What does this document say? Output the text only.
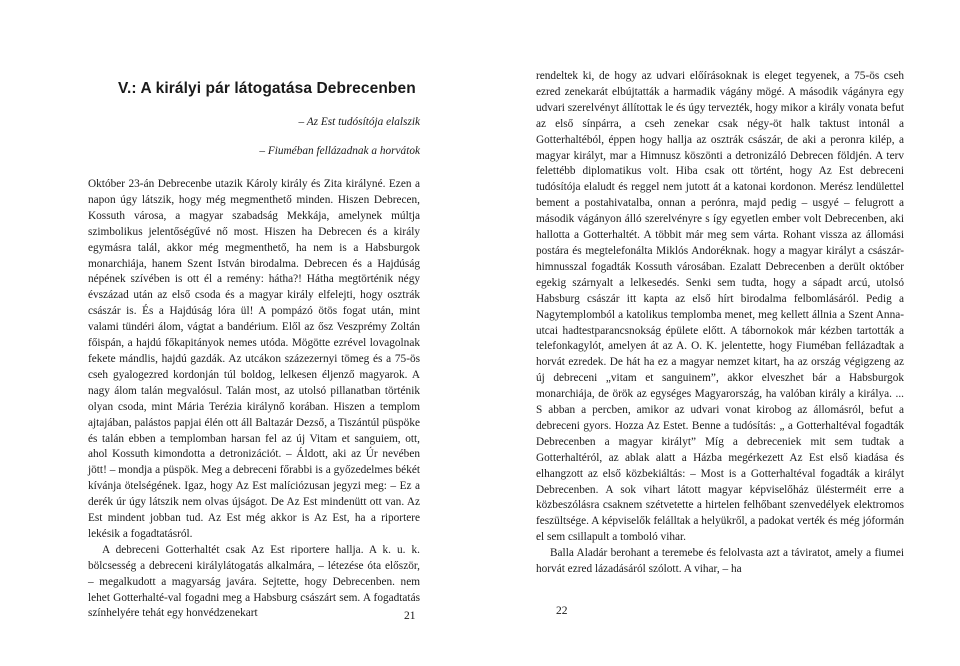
V.: A királyi pár látogatása Debrecenben

– Az Est tudósítója elalszik

– Fiuméban fellázadnak a horvátok

Október 23-án Debrecenbe utazik Károly király és Zita királyné. Ezen a napon úgy látszik, hogy még megmenthető minden. Hiszen Debrecen, Kossuth városa, a magyar szabadság Mekkája, amelynek múltja szimbolikus jelentőségűvé nő most. Hiszen ha Debrecen és a király egymásra talál, akkor még megmenthető, ha nem is a Habsburgok monarchiája, hanem Szent István birodalma. Debrecen és a Hajdúság népének szívében is ott él a remény: hátha?! Hátha megtörténik négy évszázad után az első csoda és a magyar király elfelejti, hogy osztrák császár is. És a Hajdúság lóra ül! A pompázó ötös fogat után, mint valami tündéri álom, vágtat a bandérium. Elől az ősz Veszprémy Zoltán főispán, a hajdú főkapitányok nemes utóda. Mögötte ezrével lovagolnak fekete mándlis, hajdú gazdák. Az utcákon százezernyi tömeg és a 75-ös cseh gyalogezred kordonján túl boldog, lelkesen éljenző magyarok. A nagy álom talán megvalósul. Talán most, az utolsó pillanatban történik olyan csoda, mint Mária Terézia királynő korában. Hiszen a templom ajtajában, palástos papjai élén ott áll Baltazár Dezső, a Tiszántúl püspöke és talán ebben a templomban harsan fel az új Vitam et sanguiem, ott, ahol Kossuth kimondotta a detronizációt. – Áldott, aki az Úr nevében jött! – mondja a püspök. Meg a debreceni főrabbi is a győzedelmes békét kívánja ötelségének. Igaz, hogy Az Est malíciózusan jegyzi meg: – Ez a derék úr úgy látszik nem olvas újságot. De Az Est mindenütt ott van. Az Est mindent jobban tud. Az Est még akkor is Az Est, ha a riportere lekésik a fogadtatásról.

A debreceni Gotterhaltét csak Az Est riportere hallja. A k. u. k. bölcsesség a debreceni királylátogatás alkalmára, – létezése óta először, – megalkudott a magyarság javára. Sejtette, hogy Debrecenben. nem lehet Gotterhalté-val fogadni meg a Habsburg császárt sem. A fogadtatás színhelyére tehát egy honvédzenekart	21

rendeltek ki, de hogy az udvari előírásoknak is eleget tegyenek, a 75-ös cseh ezred zenekarát elbújtatták a harmadik vágány mögé. A második vágányra egy udvari szerelvényt állítottak le és úgy tervezték, hogy mikor a király vonata befut az első sínpárra, a cseh zenekar csak négy-öt halk taktust intonál a Gotterhaltéból, éppen hogy hallja az osztrák császár, de aki a peronra kilép, a magyar királyt, mar a Himnusz köszönti a detronizáló Debrecen földjén. A terv felettébb diplomatikus volt. Hiba csak ott történt, hogy Az Est debreceni tudósítója elaludt és reggel nem jutott át a katonai kordonon. Merész lendülettel bement a postahivatalba, onnan a perónra, majd pedig – usgyé – felugrott a második vágányon álló szerelvényre s így egyetlen ember volt Debrecenben, aki hallotta a Gotterhaltét. A többit már meg sem várta. Rohant vissza az állomási postára és megtelefonálta Miklós Andoréknak. hogy a magyar királyt a császár-himnusszal fogadták Kossuth városában. Ezalatt Debrecenben a derült október egekig szárnyalt a lelkesedés. Senki sem tudta, hogy a sápadt arcú, utolsó Habsburg császár itt kapta az első hírt birodalma felbomlásáról. Pedig a Nagytemplomból a katolikus templomba menet, meg kellett állnia a Szent Anna-utcai hadtestparancsnokság épülete előtt. A tábornokok már kézben tartották a telefonkagylót, amelyen át az A. O. K. jelentette, hogy Fiuméban fellázadtak a horvát ezredek. De hát ha ez a magyar nemzet kitart, ha az ország végigzeng az új debreceni „vitam et sanguinem”, akkor elveszhet bár a Habsburgok monarchiája, de örök az egységes Magyarország, ha valóban király a királya. ... S abban a percben, amikor az udvari vonat kirobog az állomásról, befut a debreceni gyors. Hozza Az Estet. Benne a tudósítás: „ a Gotterhaltéval fogadták Debrecenben a magyar királyt” Míg a debreceniek mit sem tudtak a Gotterhaltéról, az ablak alatt a Házba megérkezett Az Est első kiadása és elhangzott az első közbekiáltás: – Most is a Gotterhaltéval fogadták a királyt Debrecenben. A sok vihart látott magyar képviselőház ülésterméit erre a közbeszólásra csaknem szétvetette a hirtelen felhőbant szenvedélyek elektromos feszültsége. A képviselők felálltak a helyükről, a padokat verték és még jóformán el sem csillapult a tomboló vihar.

Balla Aladár berohant a teremebe és felolvasta azt a táviratot, amely a fiumei horvát ezred lázadásáról szólott. A vihar, – ha

22
